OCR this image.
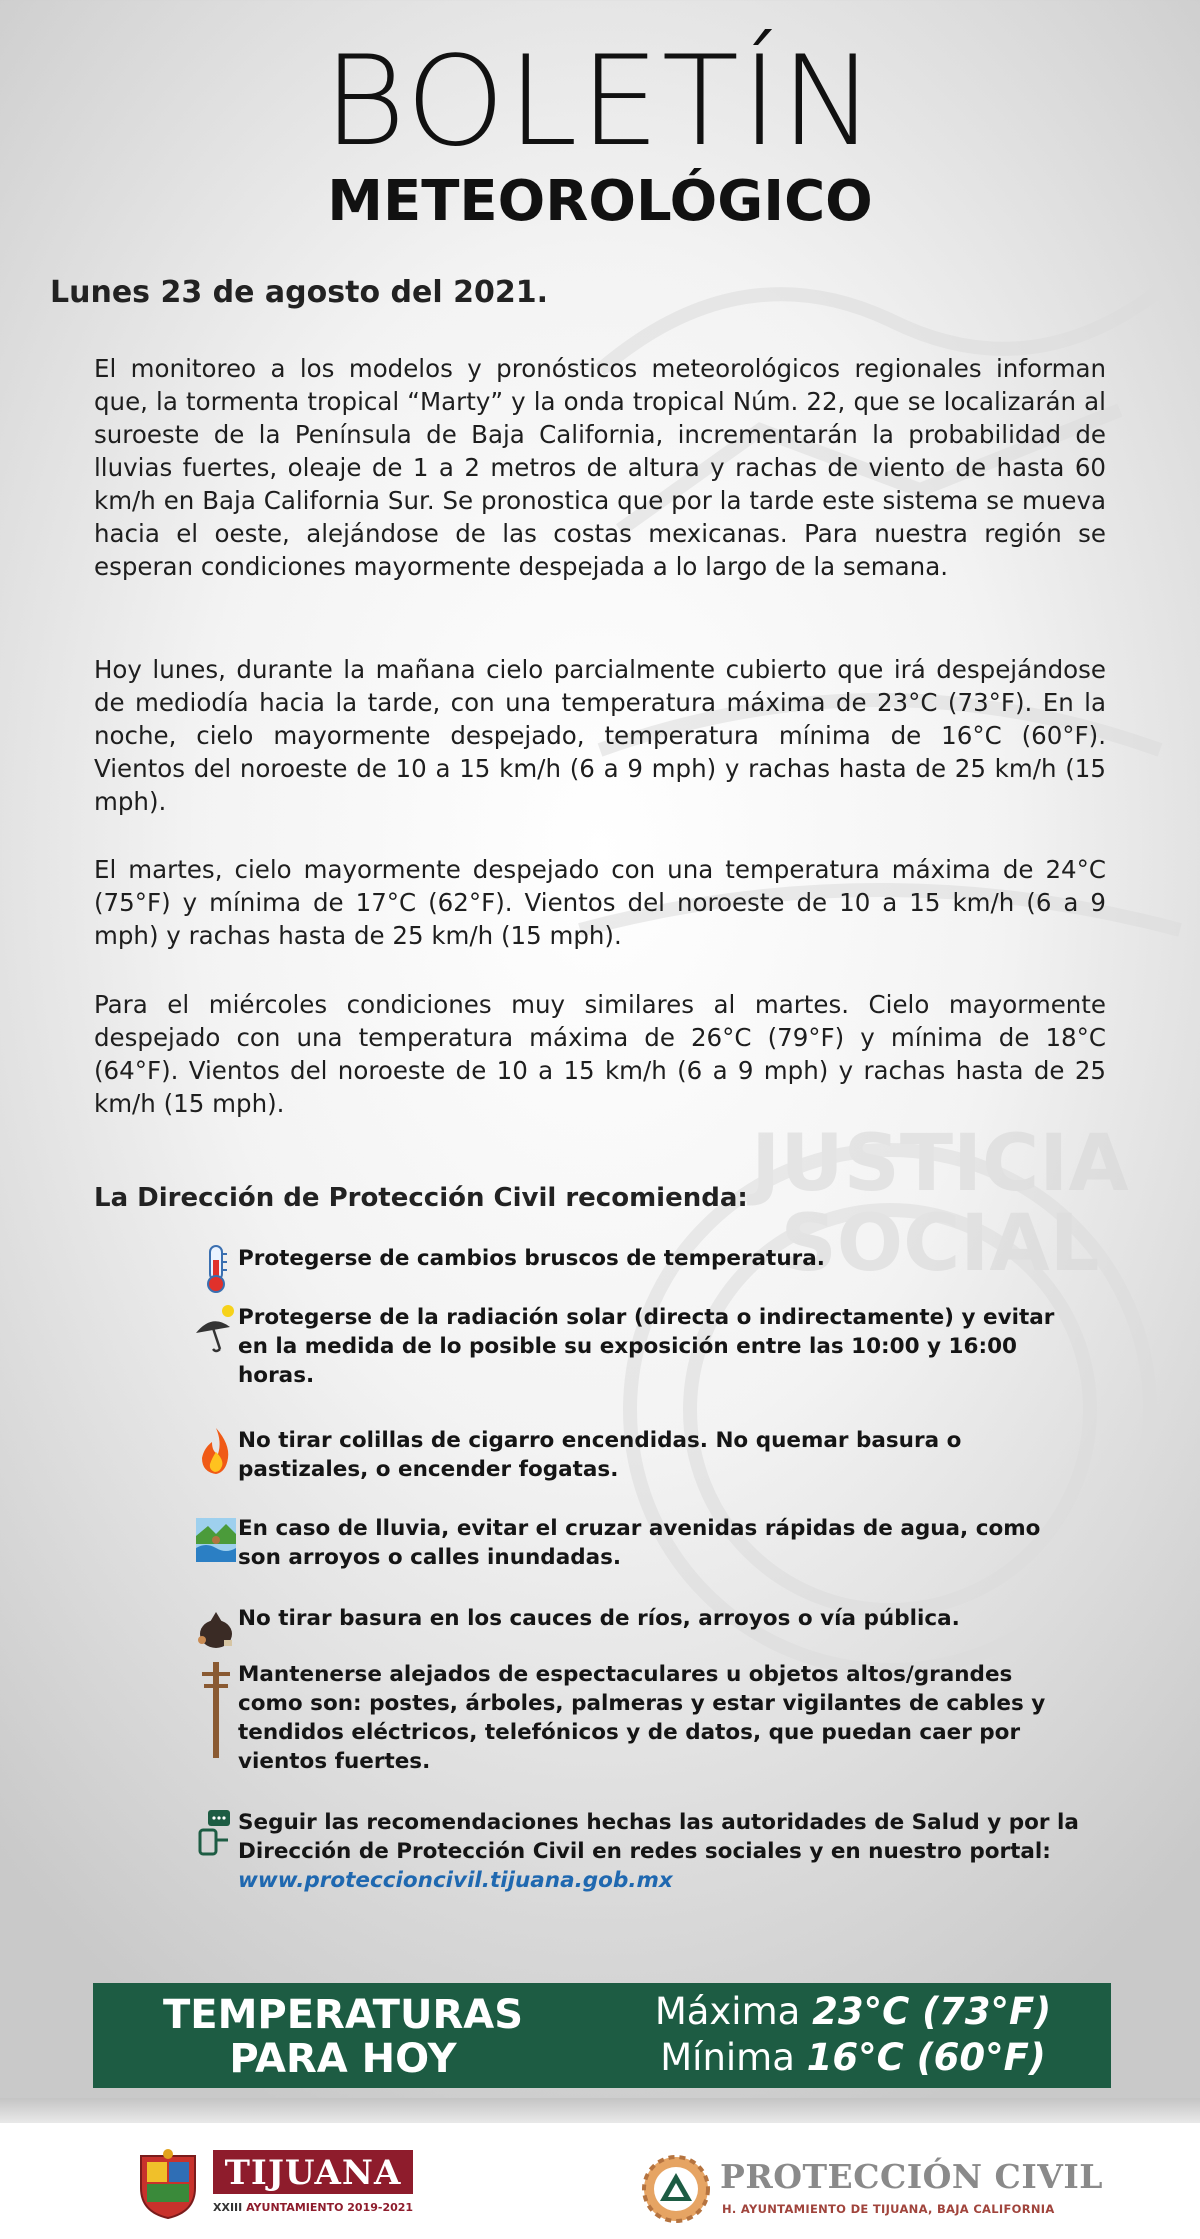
JUSTICIA
SOCIAL
BOLETÍN
METEOROLÓGICO
Lunes 23 de agosto del 2021.
El monitoreo a los modelos y pronósticos meteorológicos regionales informan que, la tormenta tropical “Marty” y la onda tropical Núm. 22, que se localizarán al suroeste de la Península de Baja California, incrementarán la probabilidad de lluvias fuertes, oleaje de 1 a 2 metros de altura y rachas de viento de hasta 60 km/h en Baja California Sur. Se pronostica que por la tarde este sistema se mueva hacia el oeste, alejándose de las costas mexicanas. Para nuestra región se esperan condiciones mayormente despejada a lo largo de la semana.
Hoy lunes, durante la mañana cielo parcialmente cubierto que irá despejándose de mediodía hacia la tarde, con una temperatura máxima de 23°C (73°F). En la noche, cielo mayormente despejado, temperatura mínima de 16°C (60°F). Vientos del noroeste de 10 a 15 km/h (6 a 9 mph) y rachas hasta de 25 km/h (15 mph).
El martes, cielo mayormente despejado con una temperatura máxima de 24°C (75°F) y mínima de 17°C (62°F). Vientos del noroeste de 10 a 15 km/h (6 a 9 mph) y rachas hasta de 25 km/h (15 mph).
Para el miércoles condiciones muy similares al martes. Cielo mayormente despejado con una temperatura máxima de 26°C (79°F) y mínima de 18°C (64°F). Vientos del noroeste de 10 a 15 km/h (6 a 9 mph) y rachas hasta de 25 km/h (15 mph).
La Dirección de Protección Civil recomienda:
Protegerse de cambios bruscos de temperatura.
Protegerse de la radiación solar (directa o indirectamente) y evitar en la medida de lo posible su exposición entre las 10:00 y 16:00 horas.
No tirar colillas de cigarro encendidas. No quemar basura o pastizales, o encender fogatas.
En caso de lluvia, evitar el cruzar avenidas rápidas de agua, como son arroyos o calles inundadas.
No tirar basura en los cauces de ríos, arroyos o vía pública.
Mantenerse alejados de espectaculares u objetos altos/grandes como son: postes, árboles, palmeras y estar vigilantes de cables y tendidos eléctricos, telefónicos y de datos, que puedan caer por vientos fuertes.
Seguir las recomendaciones hechas las autoridades de Salud y por la Dirección de Protección Civil en redes sociales y en nuestro portal:
www.proteccioncivil.tijuana.gob.mx
TEMPERATURAS
PARA HOY
Máxima 23°C (73°F)
Mínima 16°C (60°F)
TIJUANA
XXIII AYUNTAMIENTO 2019-2021
PROTECCIÓN CIVIL
H. AYUNTAMIENTO DE TIJUANA, BAJA CALIFORNIA
